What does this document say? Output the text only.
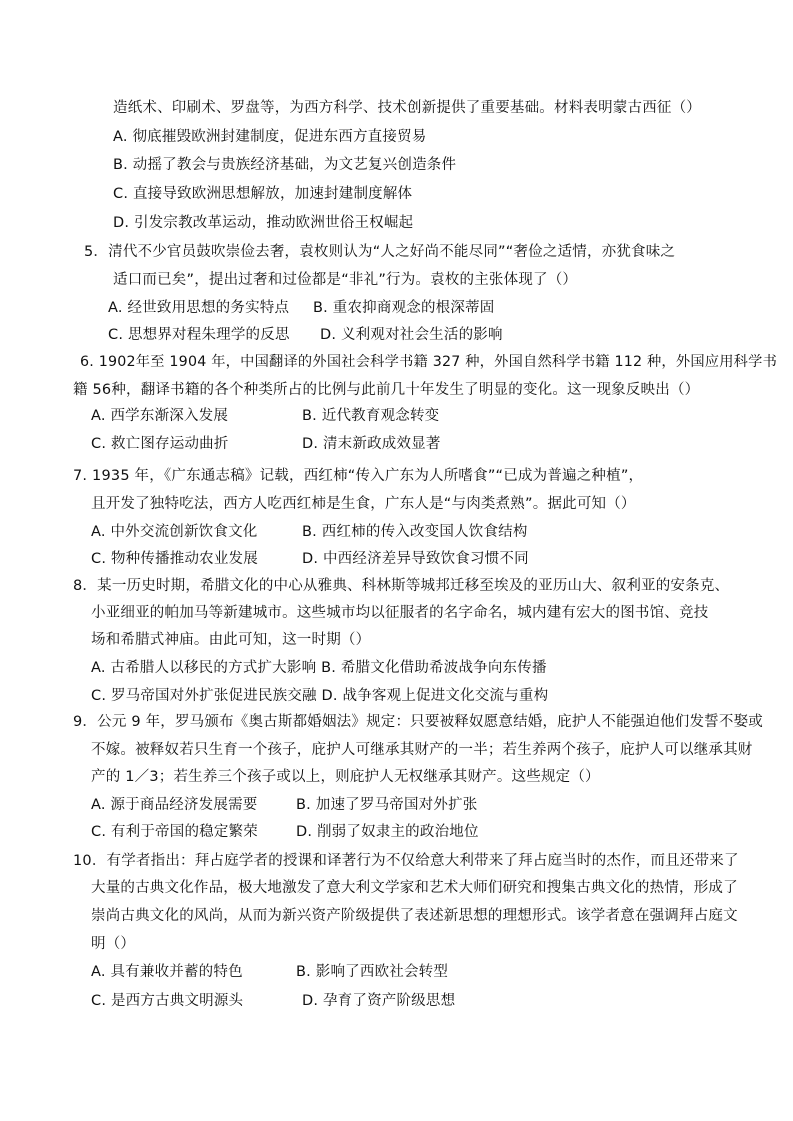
造纸术、印刷术、罗盘等，为西方科学、技术创新提供了重要基础。材料表明蒙古西征（）
A. 彻底摧毁欧洲封建制度，促进东西方直接贸易
B. 动摇了教会与贵族经济基础，为文艺复兴创造条件
C. 直接导致欧洲思想解放，加速封建制度解体
D. 引发宗教改革运动，推动欧洲世俗王权崛起
5．清代不少官员鼓吹崇俭去奢，袁枚则认为“人之好尚不能尽同”“奢俭之适情，亦犹食味之
适口而已矣”，提出过奢和过俭都是“非礼”行为。袁枚的主张体现了（）
A. 经世致用思想的务实特点 B. 重农抑商观念的根深蒂固
C. 思想界对程朱理学的反思 D. 义利观对社会生活的影响
6. 1902年至 1904 年，中国翻译的外国社会科学书籍 327 种，外国自然科学书籍 112 种，外国应用科学书
籍 56种，翻译书籍的各个种类所占的比例与此前几十年发生了明显的变化。这一现象反映出（）
A. 西学东渐深入发展	B. 近代教育观念转变
C. 救亡图存运动曲折	D. 清末新政成效显著
7. 1935 年，《广东通志稿》记载，西红柿“传入广东为人所嗜食”“已成为普遍之种植”，
且开发了独特吃法，西方人吃西红柿是生食，广东人是“与肉类煮熟”。据此可知（）
A. 中外交流创新饮食文化	B. 西红柿的传入改变国人饮食结构
C. 物种传播推动农业发展	D. 中西经济差异导致饮食习惯不同
8．某一历史时期，希腊文化的中心从雅典、科林斯等城邦迁移至埃及的亚历山大、叙利亚的安条克、
小亚细亚的帕加马等新建城市。这些城市均以征服者的名字命名，城内建有宏大的图书馆、竞技
场和希腊式神庙。由此可知，这一时期（）
A. 古希腊人以移民的方式扩大影响 B. 希腊文化借助希波战争向东传播
C. 罗马帝国对外扩张促进民族交融 D. 战争客观上促进文化交流与重构
9．公元 9 年，罗马颁布《奥古斯都婚姻法》规定：只要被释奴愿意结婚，庇护人不能强迫他们发誓不娶或
不嫁。被释奴若只生育一个孩子，庇护人可继承其财产的一半；若生养两个孩子，庇护人可以继承其财
产的 1／3；若生养三个孩子或以上，则庇护人无权继承其财产。这些规定（）
A. 源于商品经济发展需要	B. 加速了罗马帝国对外扩张
C. 有利于帝国的稳定繁荣	D. 削弱了奴隶主的政治地位
10．有学者指出：拜占庭学者的授课和译著行为不仅给意大利带来了拜占庭当时的杰作，而且还带来了
大量的古典文化作品，极大地激发了意大利文学家和艺术大师们研究和搜集古典文化的热情，形成了
崇尚古典文化的风尚，从而为新兴资产阶级提供了表述新思想的理想形式。该学者意在强调拜占庭文
明（）
A. 具有兼收并蓄的特色	B. 影响了西欧社会转型
C. 是西方古典文明源头	D. 孕育了资产阶级思想
